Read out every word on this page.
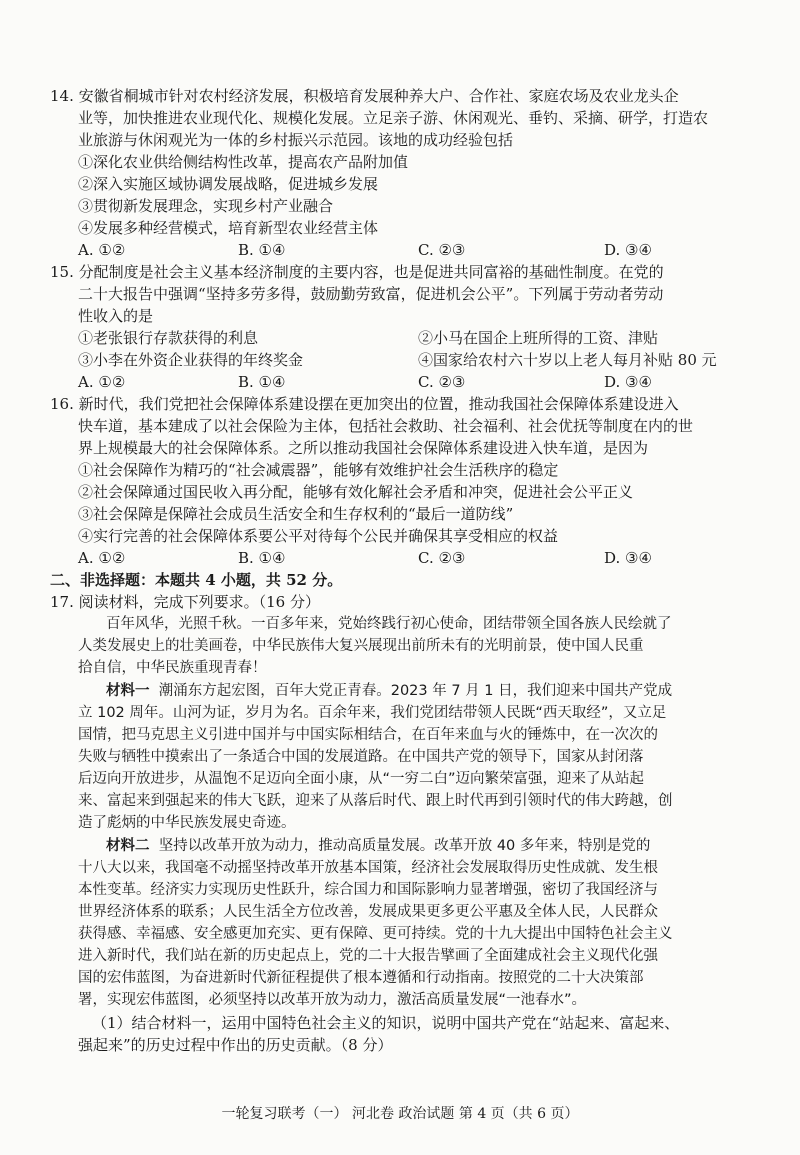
14. 安徽省桐城市针对农村经济发展，积极培育发展种养大户、合作社、家庭农场及农业龙头企
业等，加快推进农业现代化、规模化发展。立足亲子游、休闲观光、垂钓、采摘、研学，打造农
业旅游与休闲观光为一体的乡村振兴示范园。该地的成功经验包括
①深化农业供给侧结构性改革，提高农产品附加值
②深入实施区域协调发展战略，促进城乡发展
③贯彻新发展理念，实现乡村产业融合
④发展多种经营模式，培育新型农业经营主体
A. ①②	B. ①④	C. ②③	D. ③④
15. 分配制度是社会主义基本经济制度的主要内容，也是促进共同富裕的基础性制度。在党的
二十大报告中强调“坚持多劳多得，鼓励勤劳致富，促进机会公平”。下列属于劳动者劳动
性收入的是
①老张银行存款获得的利息	②小马在国企上班所得的工资、津贴
③小李在外资企业获得的年终奖金	④国家给农村六十岁以上老人每月补贴 80 元
A. ①②	B. ①④	C. ②③	D. ③④
16. 新时代，我们党把社会保障体系建设摆在更加突出的位置，推动我国社会保障体系建设进入
快车道，基本建成了以社会保险为主体，包括社会救助、社会福利、社会优抚等制度在内的世
界上规模最大的社会保障体系。之所以推动我国社会保障体系建设进入快车道，是因为
①社会保障作为精巧的“社会减震器”，能够有效维护社会生活秩序的稳定
②社会保障通过国民收入再分配，能够有效化解社会矛盾和冲突，促进社会公平正义
③社会保障是保障社会成员生活安全和生存权利的“最后一道防线”
④实行完善的社会保障体系要公平对待每个公民并确保其享受相应的权益
A. ①②	B. ①④	C. ②③	D. ③④
二、非选择题：本题共 4 小题，共 52 分。
17. 阅读材料，完成下列要求。（16 分）
百年风华，光照千秋。一百多年来，党始终践行初心使命，团结带领全国各族人民绘就了
人类发展史上的壮美画卷，中华民族伟大复兴展现出前所未有的光明前景，使中国人民重
拾自信，中华民族重现青春！
材料一 潮涌东方起宏图，百年大党正青春。2023 年 7 月 1 日，我们迎来中国共产党成
立 102 周年。山河为证，岁月为名。百余年来，我们党团结带领人民既“西天取经”，又立足
国情，把马克思主义引进中国并与中国实际相结合，在百年来血与火的锤炼中，在一次次的
失败与牺牲中摸索出了一条适合中国的发展道路。在中国共产党的领导下，国家从封闭落
后迈向开放进步，从温饱不足迈向全面小康，从“一穷二白”迈向繁荣富强，迎来了从站起
来、富起来到强起来的伟大飞跃，迎来了从落后时代、跟上时代再到引领时代的伟大跨越，创
造了彪炳的中华民族发展史奇迹。
材料二 坚持以改革开放为动力，推动高质量发展。改革开放 40 多年来，特别是党的
十八大以来，我国毫不动摇坚持改革开放基本国策，经济社会发展取得历史性成就、发生根
本性变革。经济实力实现历史性跃升，综合国力和国际影响力显著增强，密切了我国经济与
世界经济体系的联系；人民生活全方位改善，发展成果更多更公平惠及全体人民，人民群众
获得感、幸福感、安全感更加充实、更有保障、更可持续。党的十九大提出中国特色社会主义
进入新时代，我们站在新的历史起点上，党的二十大报告擘画了全面建成社会主义现代化强
国的宏伟蓝图，为奋进新时代新征程提供了根本遵循和行动指南。按照党的二十大决策部
署，实现宏伟蓝图，必须坚持以改革开放为动力，激活高质量发展“一池春水”。
（1）结合材料一，运用中国特色社会主义的知识，说明中国共产党在“站起来、富起来、
强起来”的历史过程中作出的历史贡献。（8 分）
一轮复习联考（一） 河北卷 政治试题 第 4 页（共 6 页）
